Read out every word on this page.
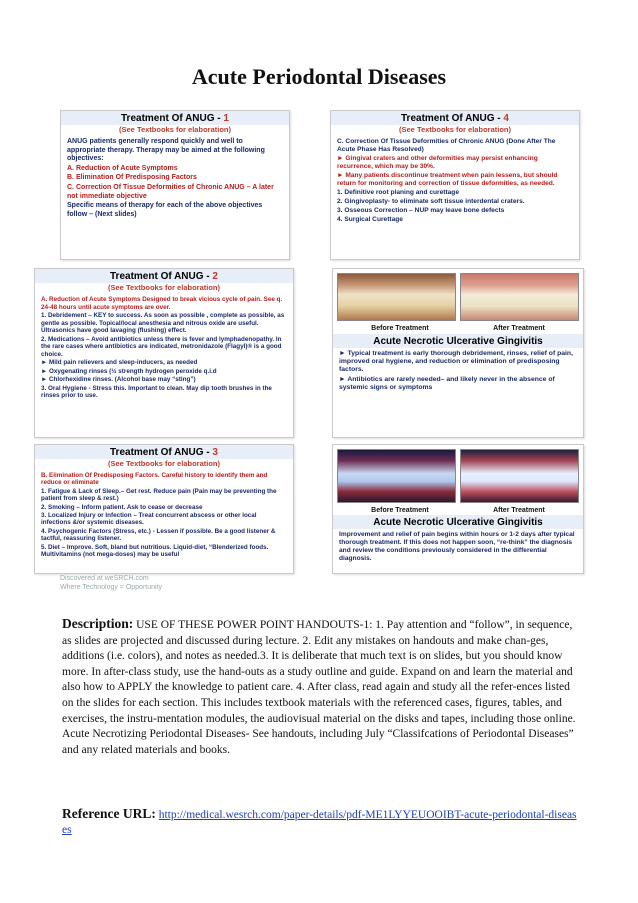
Acute Periodontal Diseases
Treatment Of ANUG - 1
(See Textbooks for elaboration)
ANUG patients generally respond quickly and well to appropriate therapy. Therapy may be aimed at the following objectives:
A. Reduction of Acute Symptoms
B. Elimination Of Predisposing Factors
C. Correction Of Tissue Deformities of Chronic ANUG – A later not immediate objective
Specific means of therapy for each of the above objectives follow – (Next slides)
Treatment Of ANUG - 4
(See Textbooks for elaboration)
C. Correction Of Tissue Deformities of Chronic ANUG (Done After The Acute Phase Has Resolved)
► Gingival craters and other deformities may persist enhancing recurrence, which may be 30%.
► Many patients discontinue treatment when pain lessens, but should return for monitoring and correction of tissue deformities, as needed.
1. Definitive root planing and curettage
2. Gingivoplasty- to eliminate soft tissue interdental craters.
3. Osseous Correction – NUP may leave bone defects
4. Surgical Curettage
Treatment Of ANUG - 2
(See Textbooks for elaboration)
A. Reduction of Acute Symptoms Designed to break vicious cycle of pain. See q. 24-48 hours until acute symptoms are over.
1. Debridement – KEY to success. As soon as possible , complete as possible, as gentle as possible. Topical/local anesthesia and nitrous oxide are useful. Ultrasonics have good lavaging (flushing) effect.
2. Medications – Avoid antibiotics unless there is fever and lymphadenopathy. In the rare cases where antibiotics are indicated, metronidazole (Flagyl)® is a good choice.
► Mild pain relievers and sleep-inducers, as needed
► Oxygenating rinses (½ strength hydrogen peroxide q.i.d
► Chlorhexidine rinses. (Alcohol base may “sting”)
3. Oral Hygiene - Stress this. Important to clean. May dip tooth brushes in the rinses prior to use.
Before Treatment	After Treatment
Acute Necrotic Ulcerative Gingivitis
► Typical treatment is early thorough debridement, rinses, relief of pain, improved oral hygiene, and reduction or elimination of predisposing factors.
► Antibiotics are rarely needed– and likely never in the absence of systemic signs or symptoms
Treatment Of ANUG - 3
(See Textbooks for elaboration)
B. Elimination Of Predisposing Factors. Careful history to identify them and reduce or eliminate
1. Fatigue & Lack of Sleep.– Get rest. Reduce pain (Pain may be preventing the patient from sleep & rest.)
2. Smoking – Inform patient. Ask to cease or decrease
3. Localized Injury or Infection – Treat concurrent abscess or other local infections &/or systemic diseases.
4. Psychogenic Factors (Stress, etc.) - Lessen if possible. Be a good listener & tactful, reassuring listener.
5. Diet – Improve. Soft, bland but nutritious. Liquid-diet, “Blenderized foods. Multivitamins (not mega-doses) may be useful
Before Treatment	After Treatment
Acute Necrotic Ulcerative Gingivitis
Improvement and relief of pain begins within hours or 1-2 days after typical thorough treatment. If this does not happen soon, “re-think” the diagnosis and review the conditions previously considered in the differential diagnosis.
Discovered at weSRCH.com
Where Technology = Opportunity
Description: USE OF THESE POWER POINT HANDOUTS-1: 1. Pay attention and “follow”, in sequence, as slides are projected and discussed during lecture. 2. Edit any mistakes on handouts and make chan-ges, additions (i.e. colors), and notes as needed.3. It is deliberate that much text is on slides, but you should know more. In after-class study, use the hand-outs as a study outline and guide. Expand on and learn the material and also how to APPLY the knowledge to patient care. 4. After class, read again and study all the refer-ences listed on the slides for each section. This includes textbook materials with the referenced cases, figures, tables, and exercises, the instru-mentation modules, the audiovisual material on the disks and tapes, including those online. Acute Necrotizing Periodontal Diseases- See handouts, including July “Classifcations of Periodontal Diseases” and any related materials and books.
Reference URL: http://medical.wesrch.com/paper-details/pdf-ME1LYYEUOOIBT-acute-periodontal-diseases
